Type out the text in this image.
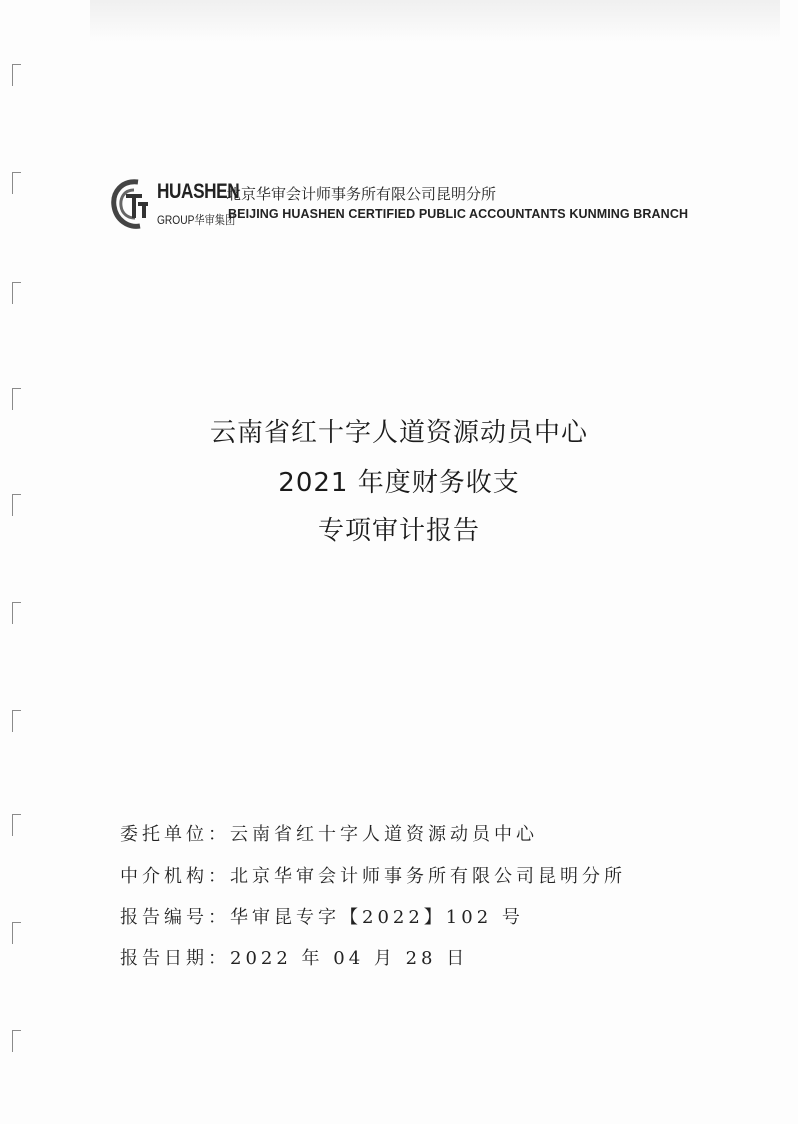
HUASHEN
GROUP华审集团
北京华审会计师事务所有限公司昆明分所
BEIJING HUASHEN CERTIFIED PUBLIC ACCOUNTANTS KUNMING BRANCH
云南省红十字人道资源动员中心
2021 年度财务收支
专项审计报告
委托单位：云南省红十字人道资源动员中心
中介机构：北京华审会计师事务所有限公司昆明分所
报告编号：华审昆专字【2022】102 号
报告日期：2022 年 04 月 28 日
